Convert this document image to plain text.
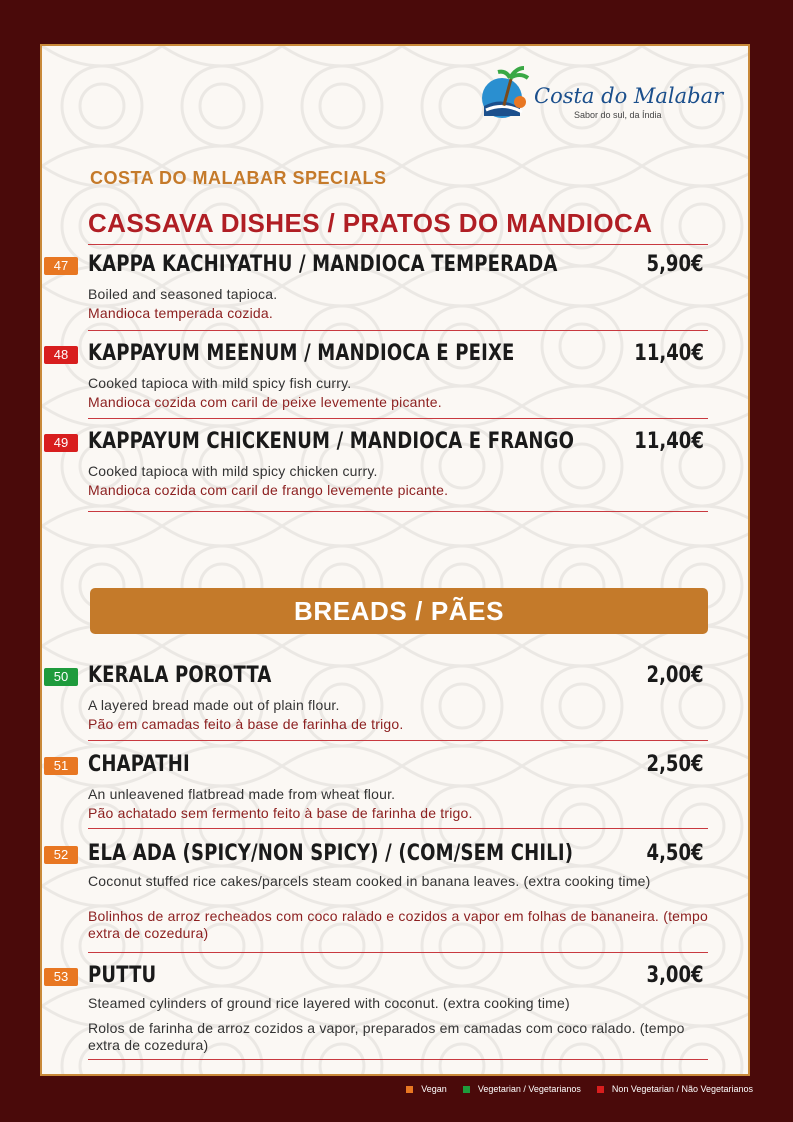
Costa do Malabar
Sabor do sul, da Índia
COSTA DO MALABAR SPECIALS
CASSAVA DISHES / PRATOS DO MANDIOCA
47 KAPPA KACHIYATHU / MANDIOCA TEMPERADA	5,90€
Boiled and seasoned tapioca.
Mandioca temperada cozida.
48 KAPPAYUM MEENUM / MANDIOCA E PEIXE	11,40€
Cooked tapioca with mild spicy fish curry.
Mandioca cozida com caril de peixe levemente picante.
49 KAPPAYUM CHICKENUM / MANDIOCA E FRANGO	11,40€
Cooked tapioca with mild spicy chicken curry.
Mandioca cozida com caril de frango levemente picante.
BREADS / PÃES
50 KERALA POROTTA	2,00€
A layered bread made out of plain flour.
Pão em camadas feito à base de farinha de trigo.
51 CHAPATHI	2,50€
An unleavened flatbread made from wheat flour.
Pão achatado sem fermento feito à base de farinha de trigo.
52 ELA ADA (SPICY/NON SPICY) / (COM/SEM CHILI)	4,50€
Coconut stuffed rice cakes/parcels steam cooked in banana leaves. (extra cooking time)
Bolinhos de arroz recheados com coco ralado e cozidos a vapor em folhas de bananeira. (tempo extra de cozedura)
53 PUTTU	3,00€
Steamed cylinders of ground rice layered with coconut. (extra cooking time)
Rolos de farinha de arroz cozidos a vapor, preparados em camadas com coco ralado. (tempo extra de cozedura)
Vegan	Vegetarian / Vegetarianos	Non Vegetarian / Não Vegetarianos
